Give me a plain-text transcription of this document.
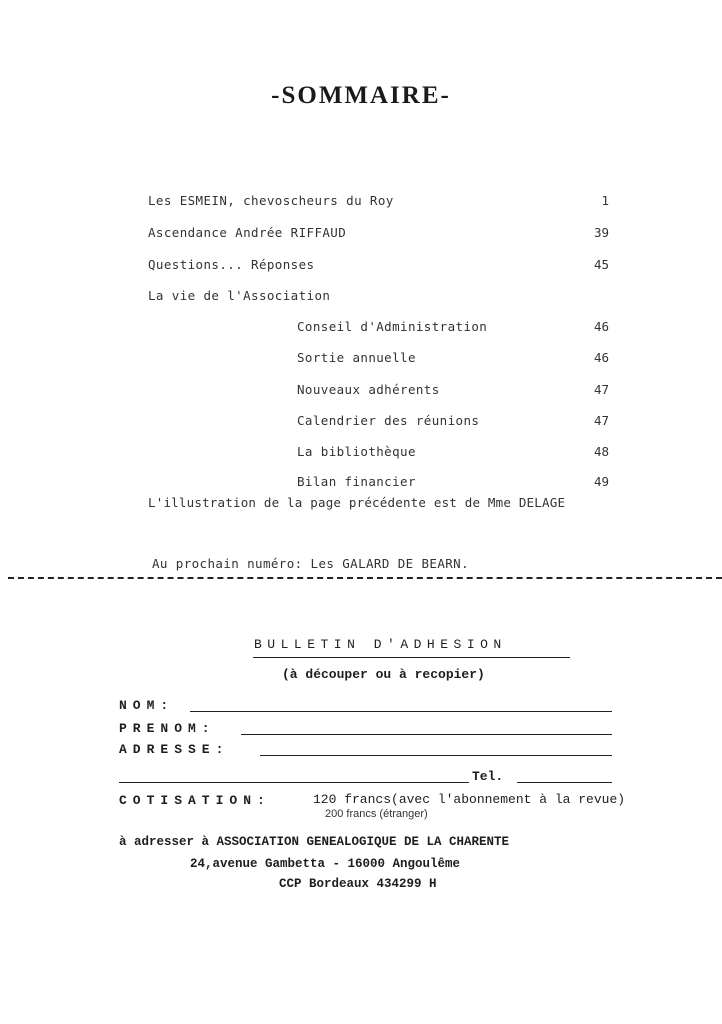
-SOMMAIRE-
Les ESMEIN, chevoscheurs du Roy	1
Ascendance Andrée RIFFAUD	39
Questions... Réponses	45
La vie de l'Association
Conseil d'Administration	46
Sortie annuelle	46
Nouveaux adhérents	47
Calendrier des réunions	47
La bibliothèque	48
Bilan financier	49
L'illustration de la page précédente est de Mme DELAGE
Au prochain numéro: Les GALARD DE BEARN.
BULLETIN D'ADHESION
(à découper ou à recopier)
NOM:
PRENOM:
ADRESSE:
Tel.
COTISATION:	120 francs(avec l'abonnement à la revue)
200 francs (étranger)
à adresser à ASSOCIATION GENEALOGIQUE DE LA CHARENTE
24,avenue Gambetta - 16000 Angoulême
CCP Bordeaux 434299 H
